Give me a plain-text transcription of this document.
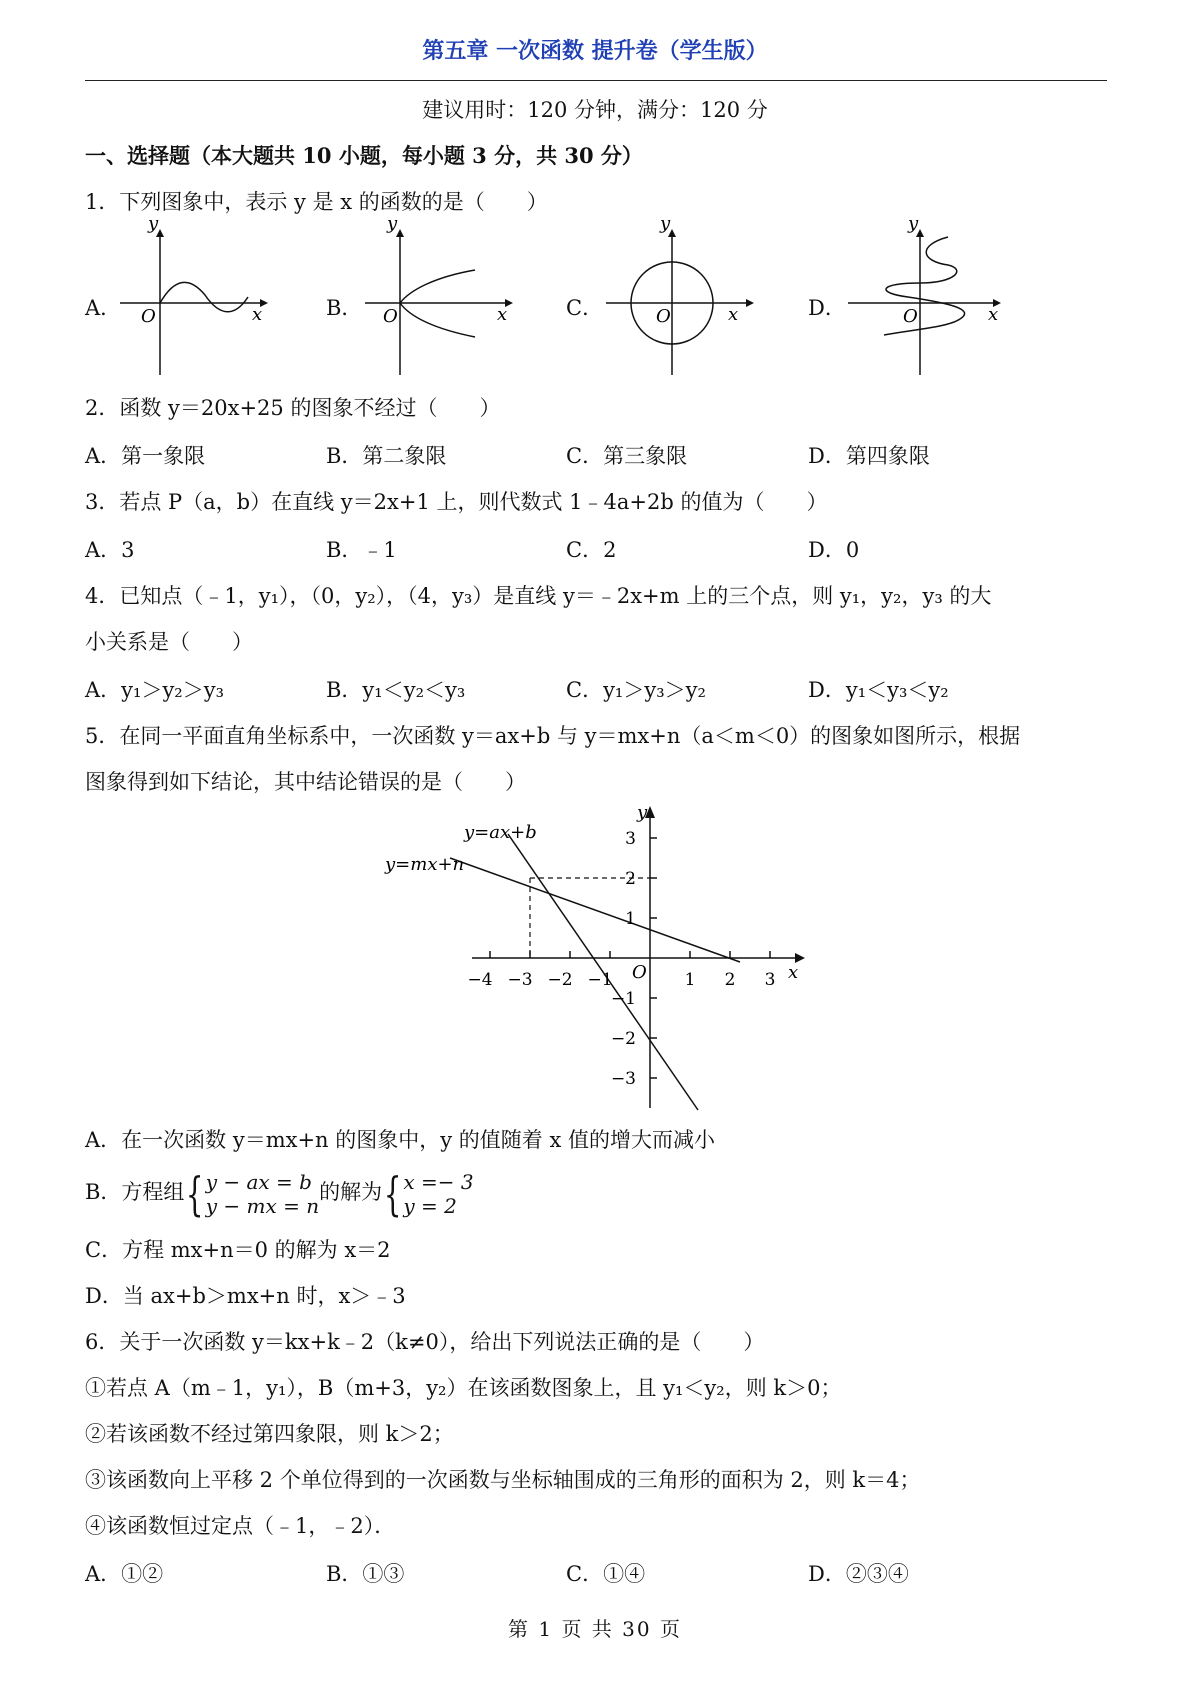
第五章 一次函数 提升卷（学生版）
建议用时：120 分钟，满分：120 分
一、选择题（本大题共 10 小题，每小题 3 分，共 30 分）
1．下列图象中，表示 y 是 x 的函数的是（　　）
A．	B．	C．	D．
y
x
O
y
x
O
y
x
O
y
x
O
2．函数 y＝20x+25 的图象不经过（　　）
A．第一象限	B．第二象限	C．第三象限	D．第四象限
3．若点 P（a，b）在直线 y＝2x+1 上，则代数式 1﹣4a+2b 的值为（　　）
A．3	B．﹣1	C．2	D．0
4．已知点（﹣1，y₁），（0，y₂），（4，y₃）是直线 y＝﹣2x+m 上的三个点，则 y₁，y₂，y₃ 的大
小关系是（　　）
A．y₁＞y₂＞y₃	B．y₁＜y₂＜y₃	C．y₁＞y₃＞y₂	D．y₁＜y₃＜y₂
5．在同一平面直角坐标系中，一次函数 y＝ax+b 与 y＝mx+n（a＜m＜0）的图象如图所示，根据
图象得到如下结论，其中结论错误的是（　　）
y=ax+b
y=mx+n
y
x
O
−4 −3 −2 −1	1 2 3
3
2
1
−1
−2
−3
A．在一次函数 y＝mx+n 的图象中，y 的值随着 x 值的增大而减小
B．方程组{ y − ax = b
y − mx = n
的解为{ x =− 3
y = 2
C．方程 mx+n＝0 的解为 x＝2
D．当 ax+b＞mx+n 时，x＞﹣3
6．关于一次函数 y＝kx+k﹣2（k≠0），给出下列说法正确的是（　　）
①若点 A（m﹣1，y₁），B（m+3，y₂）在该函数图象上，且 y₁＜y₂，则 k＞0；
②若该函数不经过第四象限，则 k＞2；
③该函数向上平移 2 个单位得到的一次函数与坐标轴围成的三角形的面积为 2，则 k＝4；
④该函数恒过定点（﹣1，﹣2）．
A．①②	B．①③	C．①④	D．②③④
第 1 页 共 30 页
